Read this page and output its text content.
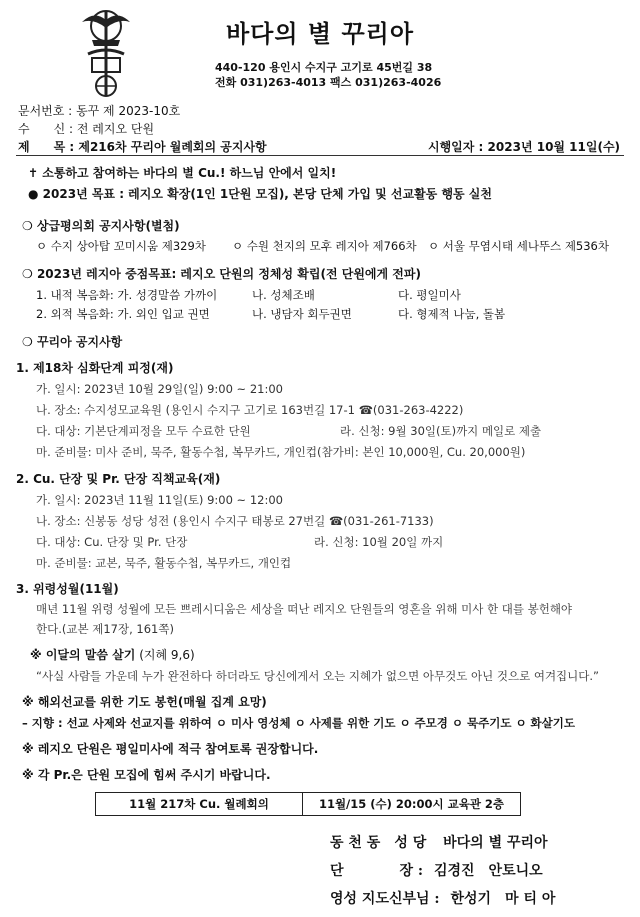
바다의 별 꾸리아
440-120 용인시 수지구 고기로 45번길 38
전화 031)263-4013 팩스 031)263-4026
문서번호 : 동꾸 제 2023-10호
수　　신 : 전 레지오 단원
제　　목 : 제216차 꾸리아 월례회의 공지사항	시행일자 : 2023년 10월 11일(수)
✝ 소통하고 참여하는 바다의 별 Cu.! 하느님 안에서 일치!
● 2023년 목표 : 레지오 확장(1인 1단원 모집), 본당 단체 가입 및 선교활동 행동 실천
❍ 상급평의회 공지사항(별첨)
ㅇ 수지 상아탑 꼬미시움 제329차 ㅇ 수원 천지의 모후 레지아 제766차 ㅇ 서울 무염시태 세나뚜스 제536차
❍ 2023년 레지아 중점목표: 레지오 단원의 정체성 확립(전 단원에게 전파)
1. 내적 복음화: 가. 성경말씀 가까이	나. 성체조배	다. 평일미사
2. 외적 복음화: 가. 외인 입교 권면	나. 냉담자 회두권면	다. 형제적 나눔, 돌봄
❍ 꾸리아 공지사항
1. 제18차 심화단계 피정(재)
가. 일시: 2023년 10월 29일(일) 9:00 ~ 21:00
나. 장소: 수지성모교육원 (용인시 수지구 고기로 163번길 17-1 ☎(031-263-4222)
다. 대상: 기본단계피정을 모두 수료한 단원	라. 신청: 9월 30일(토)까지 메일로 제출
마. 준비물: 미사 준비, 묵주, 활동수첩, 복무카드, 개인컵(참가비: 본인 10,000원, Cu. 20,000원)
2. Cu. 단장 및 Pr. 단장 직책교육(재)
가. 일시: 2023년 11월 11일(토) 9:00 ~ 12:00
나. 장소: 신봉동 성당 성전 (용인시 수지구 태봉로 27번길 ☎(031-261-7133)
다. 대상: Cu. 단장 및 Pr. 단장	라. 신청: 10월 20일 까지
마. 준비물: 교본, 묵주, 활동수첩, 복무카드, 개인컵
3. 위령성월(11월)
매년 11월 위령 성월에 모든 쁘레시디움은 세상을 떠난 레지오 단원들의 영혼을 위해 미사 한 대를 봉헌해야
한다.(교본 제17장, 161쪽)
※ 이달의 말씀 살기 (지혜 9,6)
“사실 사람들 가운데 누가 완전하다 하더라도 당신에게서 오는 지혜가 없으면 아무것도 아닌 것으로 여겨집니다.”
※ 해외선교를 위한 기도 봉헌(매월 집계 요망)
– 지향 : 선교 사제와 선교지를 위하여 ㅇ 미사 영성체 ㅇ 사제를 위한 기도 ㅇ 주모경 ㅇ 묵주기도 ㅇ 화살기도
※ 레지오 단원은 평일미사에 적극 참여토록 권장합니다.
※ 각 Pr.은 단원 모집에 힘써 주시기 바랍니다.
11월 217차 Cu. 월례회의	11월/15 (수) 20:00시 교육관 2층
동 천 동　성 당 바다의 별 꾸리아
단　　　　장 : 김경진　안토니오
영성 지도신부님 : 한성기　마 티 아
